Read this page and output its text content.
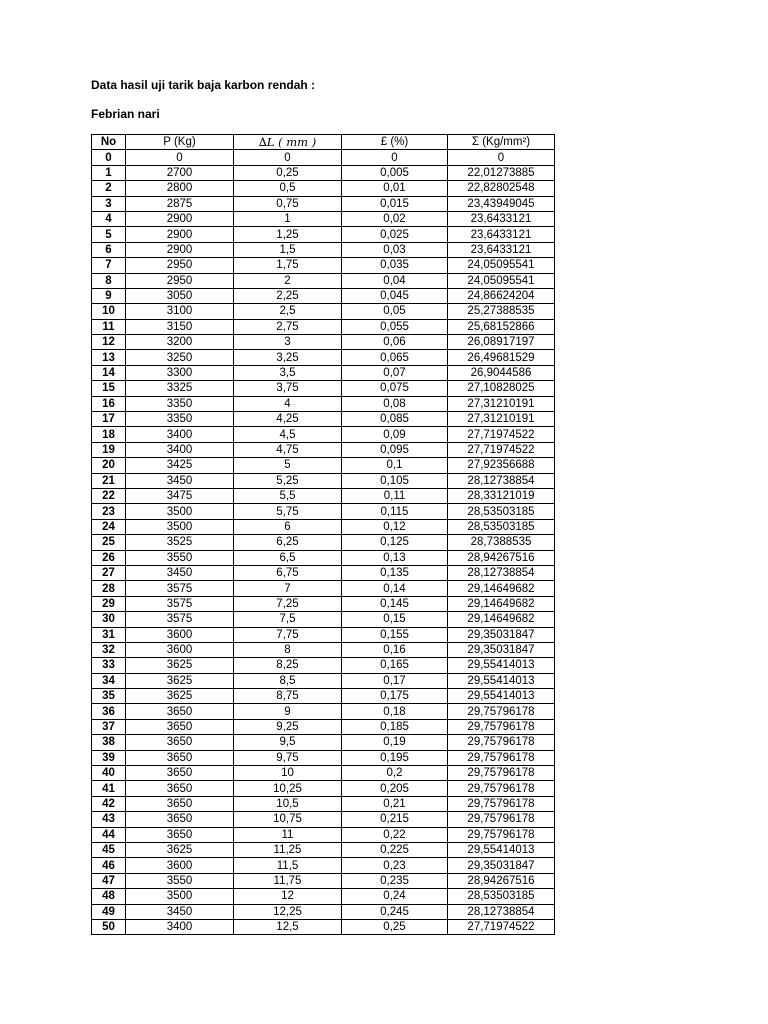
Data hasil uji tarik baja karbon rendah :
Febrian nari
No	P (Kg)	∆L ( mm )	£ (%)	Σ (Kg/mm²)
0	0	0	0	0
1	2700	0,25	0,005	22,01273885
2	2800	0,5	0,01	22,82802548
3	2875	0,75	0,015	23,43949045
4	2900	1	0,02	23,6433121
5	2900	1,25	0,025	23,6433121
6	2900	1,5	0,03	23,6433121
7	2950	1,75	0,035	24,05095541
8	2950	2	0,04	24,05095541
9	3050	2,25	0,045	24,86624204
10	3100	2,5	0,05	25,27388535
11	3150	2,75	0,055	25,68152866
12	3200	3	0,06	26,08917197
13	3250	3,25	0,065	26,49681529
14	3300	3,5	0,07	26,9044586
15	3325	3,75	0,075	27,10828025
16	3350	4	0,08	27,31210191
17	3350	4,25	0,085	27,31210191
18	3400	4,5	0,09	27,71974522
19	3400	4,75	0,095	27,71974522
20	3425	5	0,1	27,92356688
21	3450	5,25	0,105	28,12738854
22	3475	5,5	0,11	28,33121019
23	3500	5,75	0,115	28,53503185
24	3500	6	0,12	28,53503185
25	3525	6,25	0,125	28,7388535
26	3550	6,5	0,13	28,94267516
27	3450	6,75	0,135	28,12738854
28	3575	7	0,14	29,14649682
29	3575	7,25	0,145	29,14649682
30	3575	7,5	0,15	29,14649682
31	3600	7,75	0,155	29,35031847
32	3600	8	0,16	29,35031847
33	3625	8,25	0,165	29,55414013
34	3625	8,5	0,17	29,55414013
35	3625	8,75	0,175	29,55414013
36	3650	9	0,18	29,75796178
37	3650	9,25	0,185	29,75796178
38	3650	9,5	0,19	29,75796178
39	3650	9,75	0,195	29,75796178
40	3650	10	0,2	29,75796178
41	3650	10,25	0,205	29,75796178
42	3650	10,5	0,21	29,75796178
43	3650	10,75	0,215	29,75796178
44	3650	11	0,22	29,75796178
45	3625	11,25	0,225	29,55414013
46	3600	11,5	0,23	29,35031847
47	3550	11,75	0,235	28,94267516
48	3500	12	0,24	28,53503185
49	3450	12,25	0,245	28,12738854
50	3400	12,5	0,25	27,71974522
